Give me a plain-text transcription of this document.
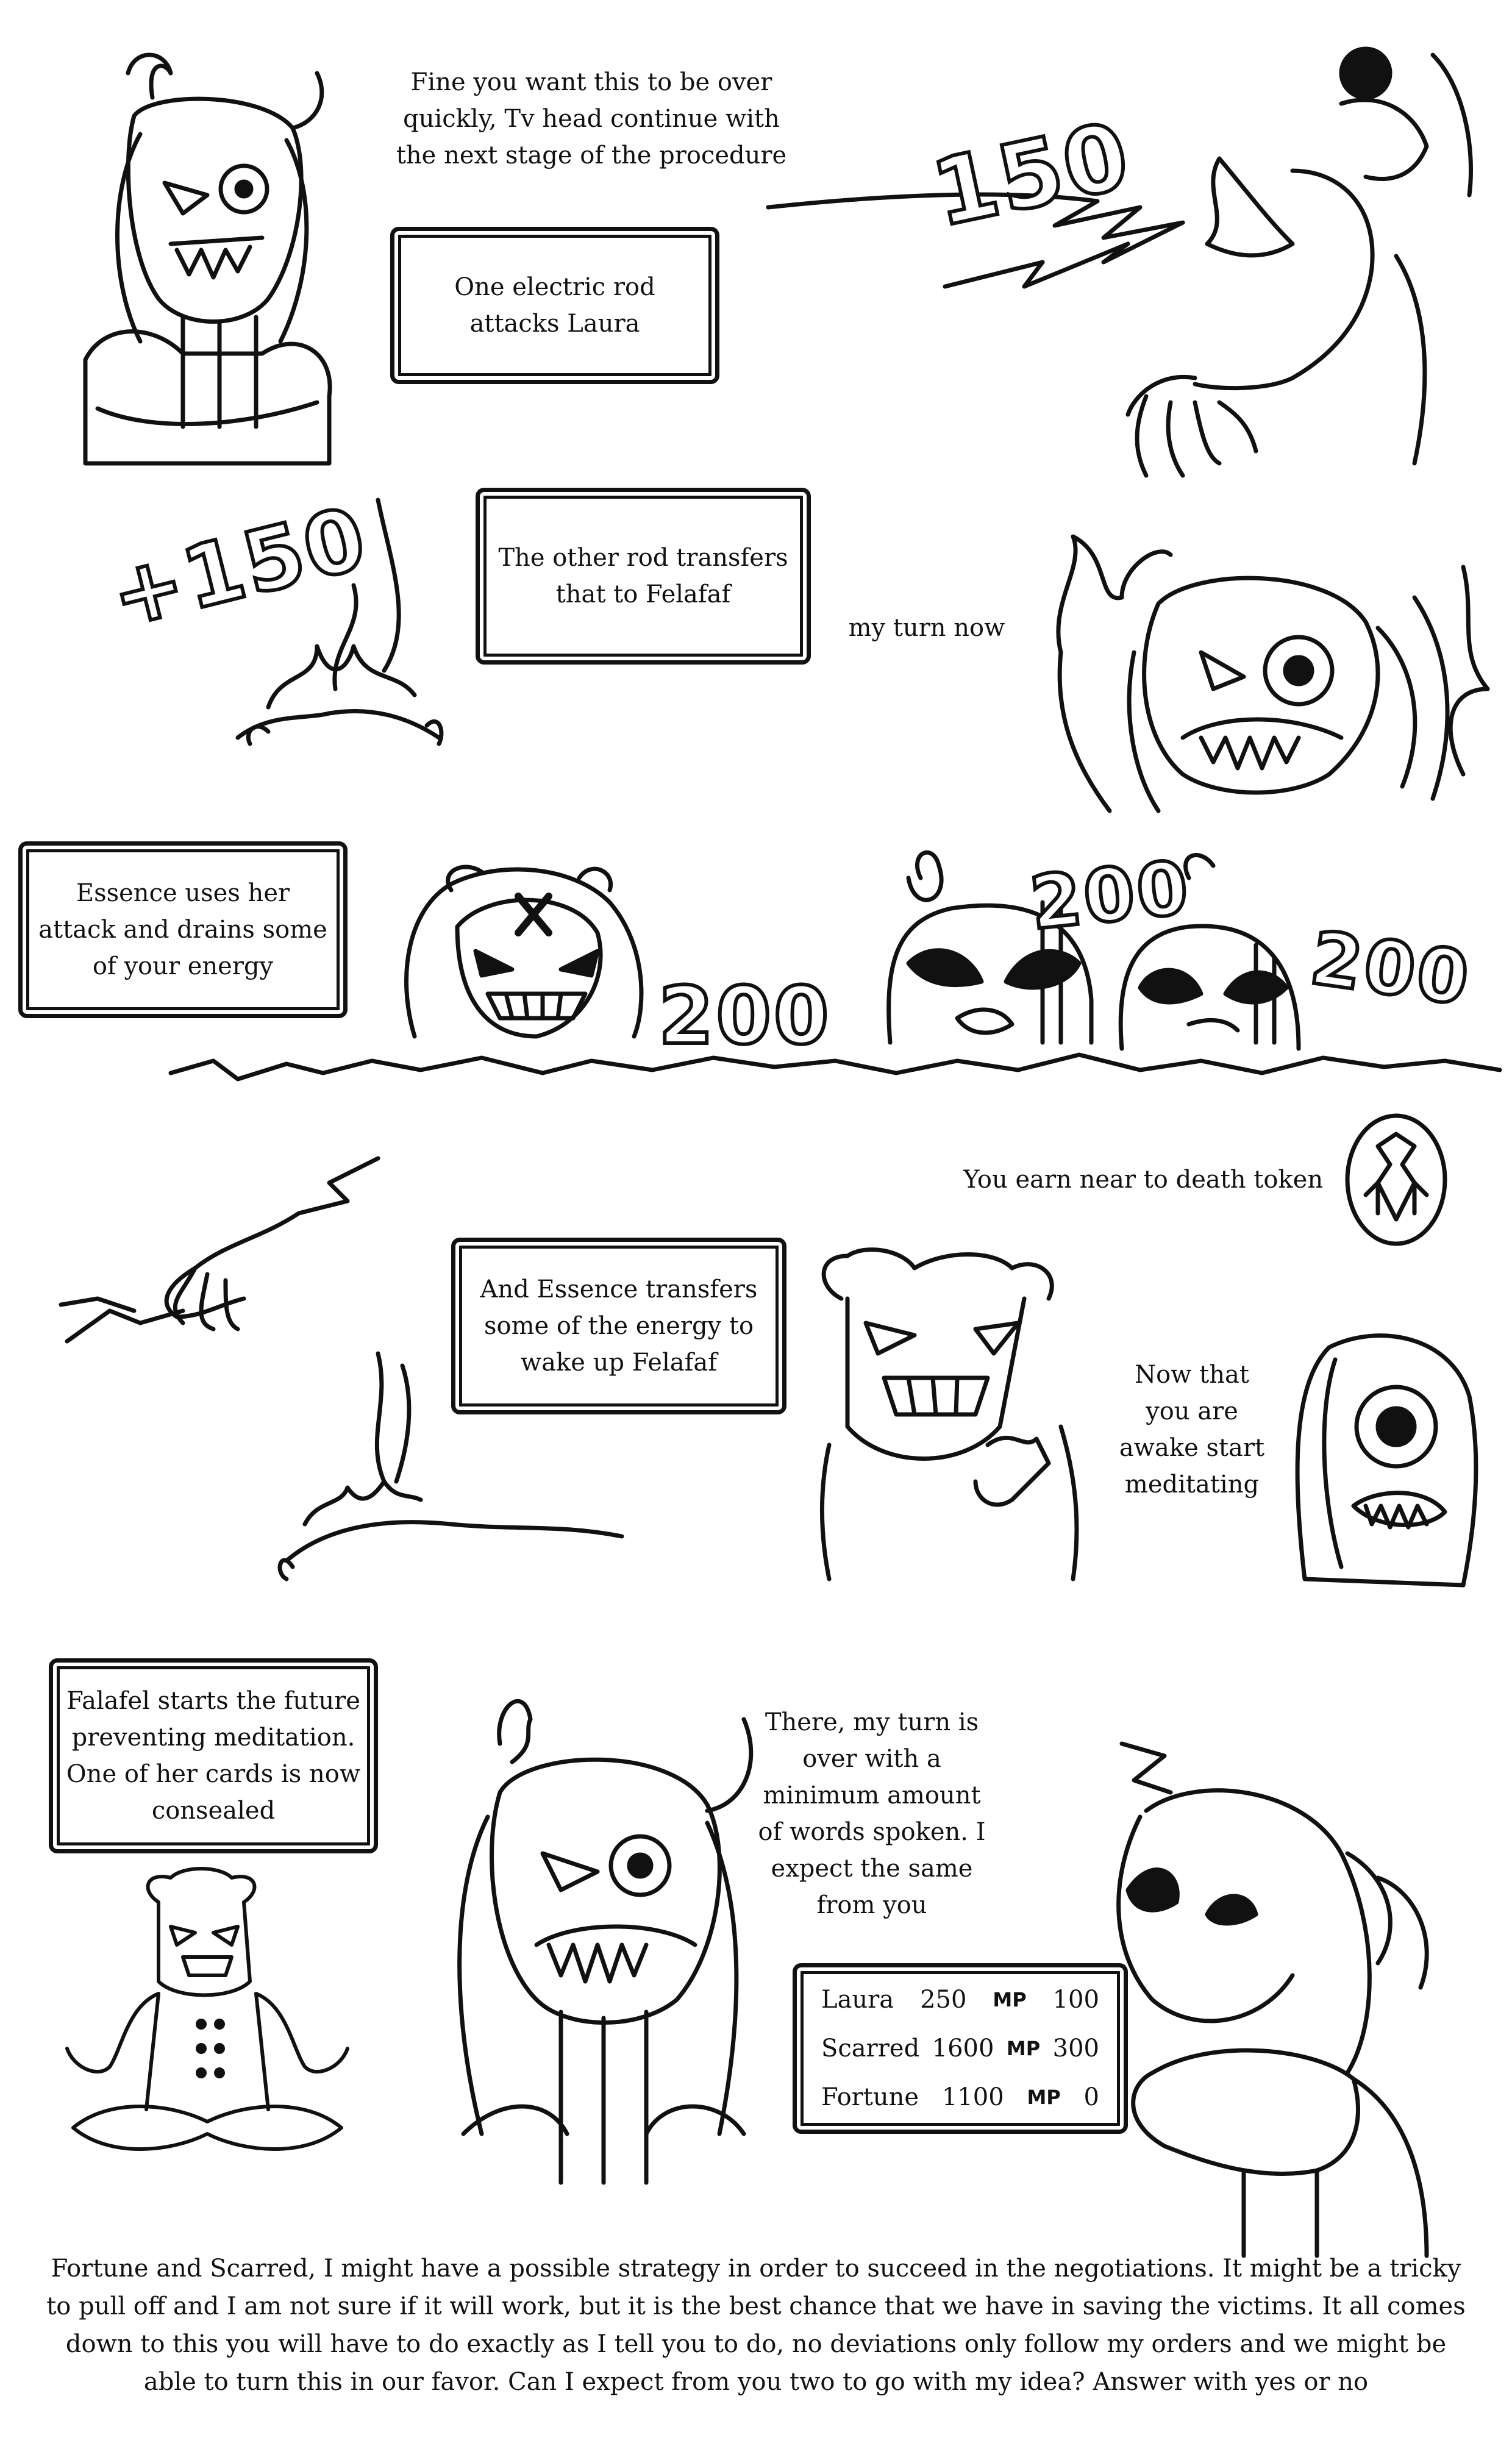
Fine you want this to be over quickly, Tv head continue with the next stage of the procedure
One electric rod attacks Laura
150
+150	The other rod transfers that to Felafaf
my turn now
Essence uses her attack and drains some of your energy
200
200
200
You earn near to death token
And Essence transfers some of the energy to wake up Felafaf	Now that you are awake start meditating
Falafel starts the future preventing meditation. One of her cards is now consealed
There, my turn is over with a minimum amount of words spoken. I expect the same from you
Laura 250 MP 100
Scarred 1600 MP 300
Fortune 1100 MP 0
Fortune and Scarred, I might have a possible strategy in order to succeed in the negotiations. It might be a tricky to pull off and I am not sure if it will work, but it is the best chance that we have in saving the victims. It all comes down to this you will have to do exactly as I tell you to do, no deviations only follow my orders and we might be able to turn this in our favor. Can I expect from you two to go with my idea? Answer with yes or no
